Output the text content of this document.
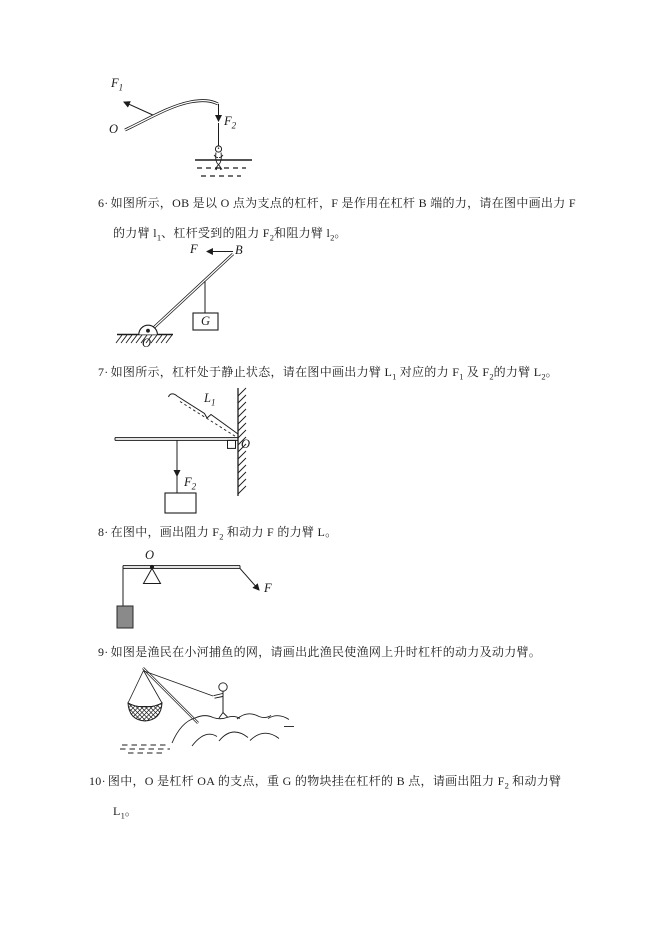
$F_1$
O
$F_2$
6· 如图所示，OB 是以 O 点为支点的杠杆，F 是作用在杠杆 B 端的力，请在图中画出力 F
的力臂 $l_1$、杠杆受到的阻力 $F_2$和阻力臂 $l_2$。
F	B
G
O
7· 如图所示，杠杆处于静止状态，请在图中画出力臂 $L_1$ 对应的力 $F_1$ 及 $F_2$的力臂 $L_2$。
$L_1$
O
$F_2$
8· 在图中，画出阻力 $F_2$ 和动力 F 的力臂 L。
O
F
9· 如图是渔民在小河捕鱼的网，请画出此渔民使渔网上升时杠杆的动力及动力臂。
10· 图中，O 是杠杆 OA 的支点，重 G 的物块挂在杠杆的 B 点，请画出阻力 $F_2$ 和动力臂
$L_1$。
